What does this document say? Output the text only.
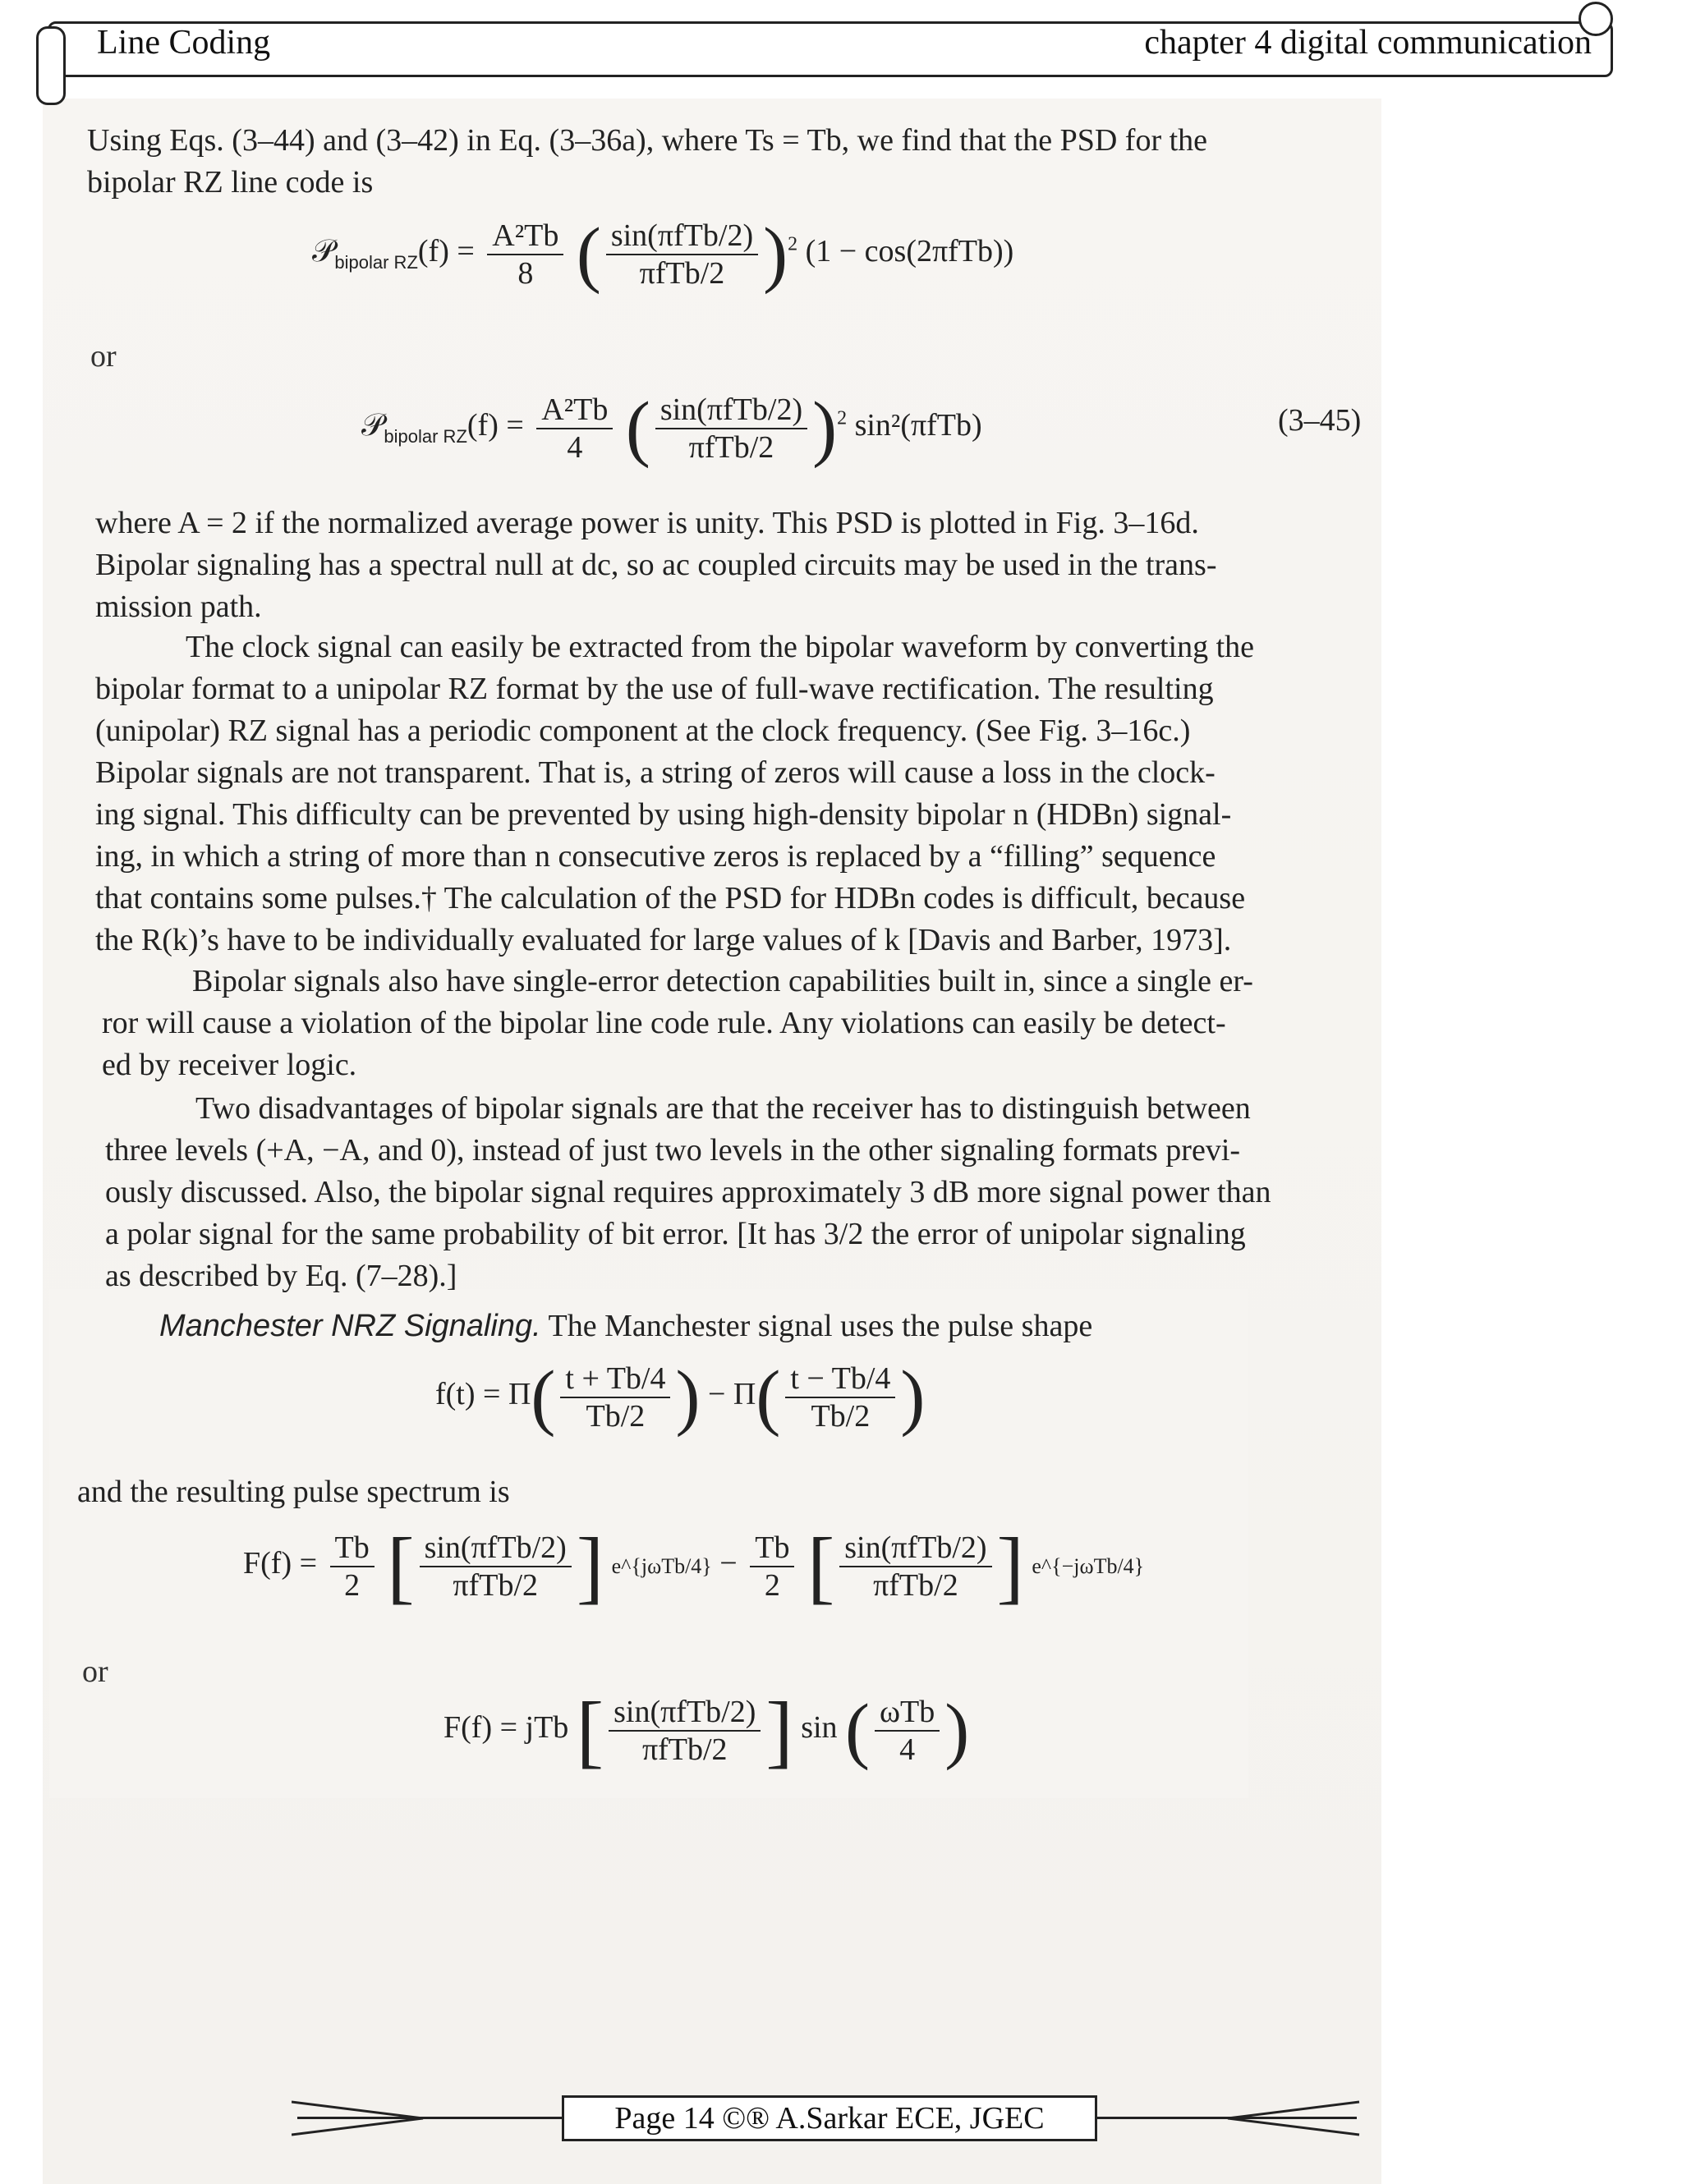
Line Coding	chapter 4 digital communication

Using Eqs. (3–44) and (3–42) in Eq. (3–36a), where Ts = Tb, we find that the PSD for the
bipolar RZ line code is

𝒫$_{bipolar RZ}$(f) = $\frac{\text{A²Tb}}{8}$ ( $\frac{\text{sin(πfTb/2)}}{\text{πfTb/2}} )^2$ (1 − cos(2πfTb))
or
𝒫$_{bipolar RZ}$(f) = $\frac{\text{A²Tb}}{4}$ ( $\frac{\text{sin(πfTb/2)}}{\text{πfTb/2}} )^2$ sin²(πfTb)	(3–45)

where A = 2 if the normalized average power is unity. This PSD is plotted in Fig. 3–16d.
Bipolar signaling has a spectral null at dc, so ac coupled circuits may be used in the trans-
mission path.

The clock signal can easily be extracted from the bipolar waveform by converting the
bipolar format to a unipolar RZ format by the use of full-wave rectification. The resulting
(unipolar) RZ signal has a periodic component at the clock frequency. (See Fig. 3–16c.)
Bipolar signals are not transparent. That is, a string of zeros will cause a loss in the clock-
ing signal. This difficulty can be prevented by using high-density bipolar n (HDBn) signal-
ing, in which a string of more than n consecutive zeros is replaced by a “filling” sequence
that contains some pulses.† The calculation of the PSD for HDBn codes is difficult, because
the R(k)’s have to be individually evaluated for large values of k [Davis and Barber, 1973].

Bipolar signals also have single-error detection capabilities built in, since a single er-
ror will cause a violation of the bipolar line code rule. Any violations can easily be detect-
ed by receiver logic.

Two disadvantages of bipolar signals are that the receiver has to distinguish between
three levels (+A, −A, and 0), instead of just two levels in the other signaling formats previ-
ously discussed. Also, the bipolar signal requires approximately 3 dB more signal power than
a polar signal for the same probability of bit error. [It has 3/2 the error of unipolar signaling
as described by Eq. (7–28).]

Manchester NRZ Signaling. The Manchester signal uses the pulse shape
$f(t) = \Pi( \frac{t + Tb/4}{Tb/2}$ ) − $\Pi( \frac{t - Tb/4}{Tb/2}$ )
and the resulting pulse spectrum is
$F(f) = \frac{Tb}{2}$ [ $\frac{\text{sin(πfTb/2)}}{\text{πfTb/2}}$ ] e^{jωTb/4} − $\frac{Tb}{2}$ [ $\frac{\text{sin(πfTb/2)}}{\text{πfTb/2}}$ ] e^{−jωTb/4}
or
F(f) = jTb [ $\frac{\text{sin(πfTb/2)}}{\text{πfTb/2}}$ ] sin ( $\frac{\text{ωTb}}{4}$ )
Page 14 ©® A.Sarkar ECE, JGEC
